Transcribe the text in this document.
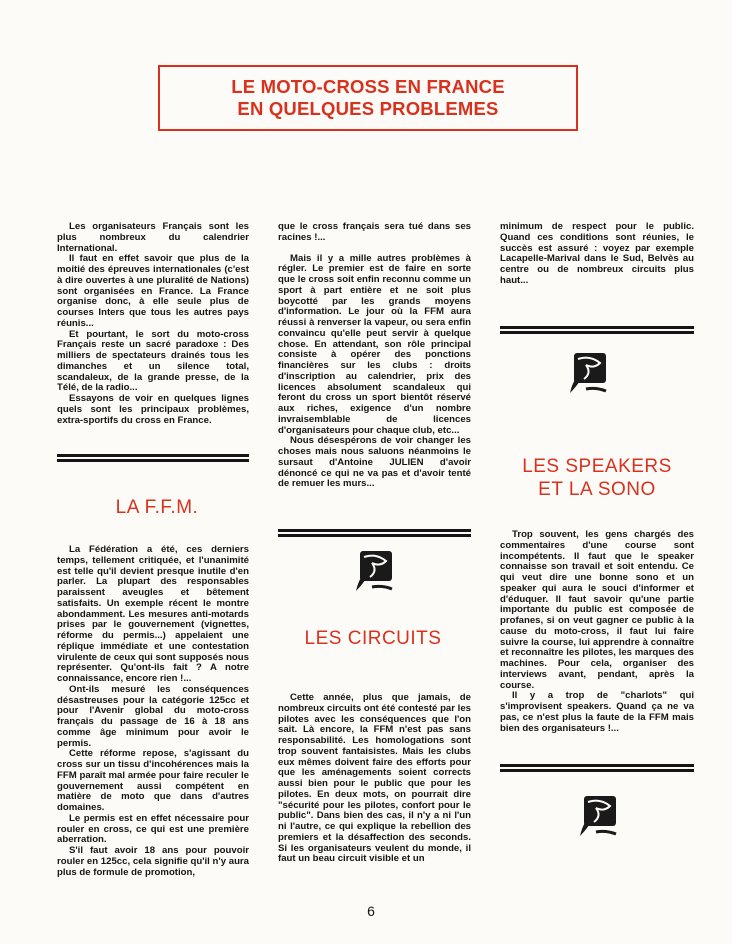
LE MOTO-CROSS EN FRANCE
EN QUELQUES PROBLEMES

Les organisateurs Français sont les plus nombreux du calendrier International.

Il faut en effet savoir que plus de la moitié des épreuves internationales (c'est à dire ouvertes à une pluralité de Nations) sont organisées en France. La France organise donc, à elle seule plus de courses Inters que tous les autres pays réunis...

Et pourtant, le sort du moto-cross Français reste un sacré paradoxe : Des milliers de spectateurs drainés tous les dimanches et un silence total, scandaleux, de la grande presse, de la Télé, de la radio...

Essayons de voir en quelques lignes quels sont les principaux problèmes, extra-sportifs du cross en France.

LA F.F.M.

La Fédération a été, ces derniers temps, tellement critiquée, et l'unanimité est telle qu'il devient presque inutile d'en parler. La plupart des responsables paraissent aveugles et bêtement satisfaits. Un exemple récent le montre abondamment. Les mesures anti-motards prises par le gouvernement (vignettes, réforme du permis...) appelaient une réplique immédiate et une contestation virulente de ceux qui sont supposés nous représenter. Qu'ont-ils fait ? A notre connaissance, encore rien !...

Ont-ils mesuré les conséquences désastreuses pour la catégorie 125cc et pour l'Avenir global du moto-cross français du passage de 16 à 18 ans comme âge minimum pour avoir le permis.

Cette réforme repose, s'agissant du cross sur un tissu d'incohérences mais la FFM paraît mal armée pour faire reculer le gouvernement aussi compétent en matière de moto que dans d'autres domaines.

Le permis est en effet nécessaire pour rouler en cross, ce qui est une première aberration.

S'il faut avoir 18 ans pour pouvoir rouler en 125cc, cela signifie qu'il n'y aura plus de formule de promotion,

que le cross français sera tué dans ses racines !...

Mais il y a mille autres problèmes à régler. Le premier est de faire en sorte que le cross soit enfin reconnu comme un sport à part entière et ne soit plus boycotté par les grands moyens d'information. Le jour où la FFM aura réussi à renverser la vapeur, ou sera enfin convaincu qu'elle peut servir à quelque chose. En attendant, son rôle principal consiste à opérer des ponctions financières sur les clubs : droits d'inscription au calendrier, prix des licences absolument scandaleux qui feront du cross un sport bientôt réservé aux riches, exigence d'un nombre invraisemblable de licences d'organisateurs pour chaque club, etc...

Nous désespérons de voir changer les choses mais nous saluons néanmoins le sursaut d'Antoine JULIEN d'avoir dénoncé ce qui ne va pas et d'avoir tenté de remuer les murs...

LES CIRCUITS

Cette année, plus que jamais, de nombreux circuits ont été contesté par les pilotes avec les conséquences que l'on sait. Là encore, la FFM n'est pas sans responsabilité. Les homologations sont trop souvent fantaisistes. Mais les clubs eux mêmes doivent faire des efforts pour que les aménagements soient corrects aussi bien pour le public que pour les pilotes. En deux mots, on pourrait dire "sécurité pour les pilotes, confort pour le public". Dans bien des cas, il n'y a ni l'un ni l'autre, ce qui explique la rebellion des premiers et la désaffection des seconds. Si les organisateurs veulent du monde, il faut un beau circuit visible et un

minimum de respect pour le public. Quand ces conditions sont réunies, le succès est assuré : voyez par exemple Lacapelle-Marival dans le Sud, Belvès au centre ou de nombreux circuits plus haut...

LES SPEAKERS
ET LA SONO

Trop souvent, les gens chargés des commentaires d'une course sont incompétents. Il faut que le speaker connaisse son travail et soit entendu. Ce qui veut dire une bonne sono et un speaker qui aura le souci d'informer et d'éduquer. Il faut savoir qu'une partie importante du public est composée de profanes, si on veut gagner ce public à la cause du moto-cross, il faut lui faire suivre la course, lui apprendre à connaître et reconnaître les pilotes, les marques des machines. Pour cela, organiser des interviews avant, pendant, après la course.

Il y a trop de "charlots" qui s'improvisent speakers. Quand ça ne va pas, ce n'est plus la faute de la FFM mais bien des organisateurs !...

6
